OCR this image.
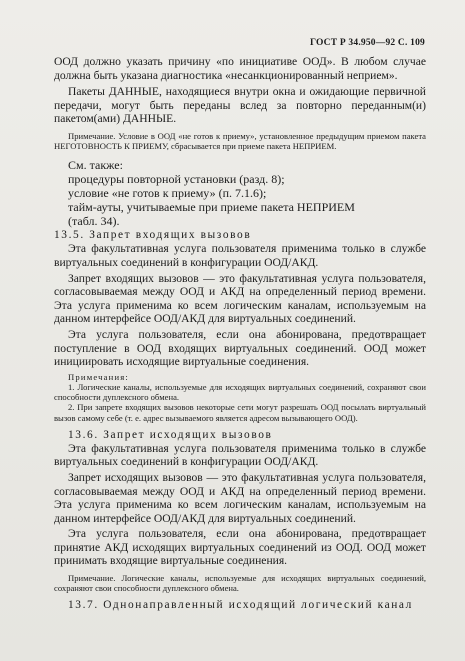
ГОСТ Р 34.950—92 С. 109

ООД должно указать причину «по инициативе ООД». В любом случае должна быть указана диагностика «несанкционированный неприем».

Пакеты ДАННЫЕ, находящиеся внутри окна и ожидающие первичной передачи, могут быть переданы вслед за повторно переданным(и) пакетом(ами) ДАННЫЕ.

Примечание. Условие в ООД «не готов к приему», установленное предыдущим приемом пакета НЕГОТОВНОСТЬ К ПРИЕМУ, сбрасывается при приеме пакета НЕПРИЕМ.

См. также:

процедуры повторной установки (разд. 8);

условие «не готов к приему» (п. 7.1.6);

тайм-ауты, учитываемые при приеме пакета НЕПРИЕМ

(табл. 34).

13.5. Запрет входящих вызовов

Эта факультативная услуга пользователя применима только в службе виртуальных соединений в конфигурации ООД/АКД.

Запрет входящих вызовов — это факультативная услуга пользователя, согласовываемая между ООД и АКД на определенный период времени. Эта услуга применима ко всем логическим каналам, используемым на данном интерфейсе ООД/АКД для виртуальных соединений.

Эта услуга пользователя, если она абонирована, предотвращает поступление в ООД входящих виртуальных соединений. ООД может инициировать исходящие виртуальные соединения.

Примечания:

1. Логические каналы, используемые для исходящих виртуальных соединений, сохраняют свои способности дуплексного обмена.

2. При запрете входящих вызовов некоторые сети могут разрешать ООД посылать виртуальный вызов самому себе (т. е. адрес вызываемого является адресом вызывающего ООД).

13.6. Запрет исходящих вызовов

Эта факультативная услуга пользователя применима только в службе виртуальных соединений в конфигурации ООД/АКД.

Запрет исходящих вызовов — это факультативная услуга пользователя, согласовываемая между ООД и АКД на определенный период времени. Эта услуга применима ко всем логическим каналам, используемым на данном интерфейсе ООД/АКД для виртуальных соединений.

Эта услуга пользователя, если она абонирована, предотвращает принятие АКД исходящих виртуальных соединений из ООД. ООД может принимать входящие виртуальные соединения.

Примечание. Логические каналы, используемые для исходящих виртуальных соединений, сохраняют свои способности дуплексного обмена.

13.7. Однонаправленный исходящий логический канал
